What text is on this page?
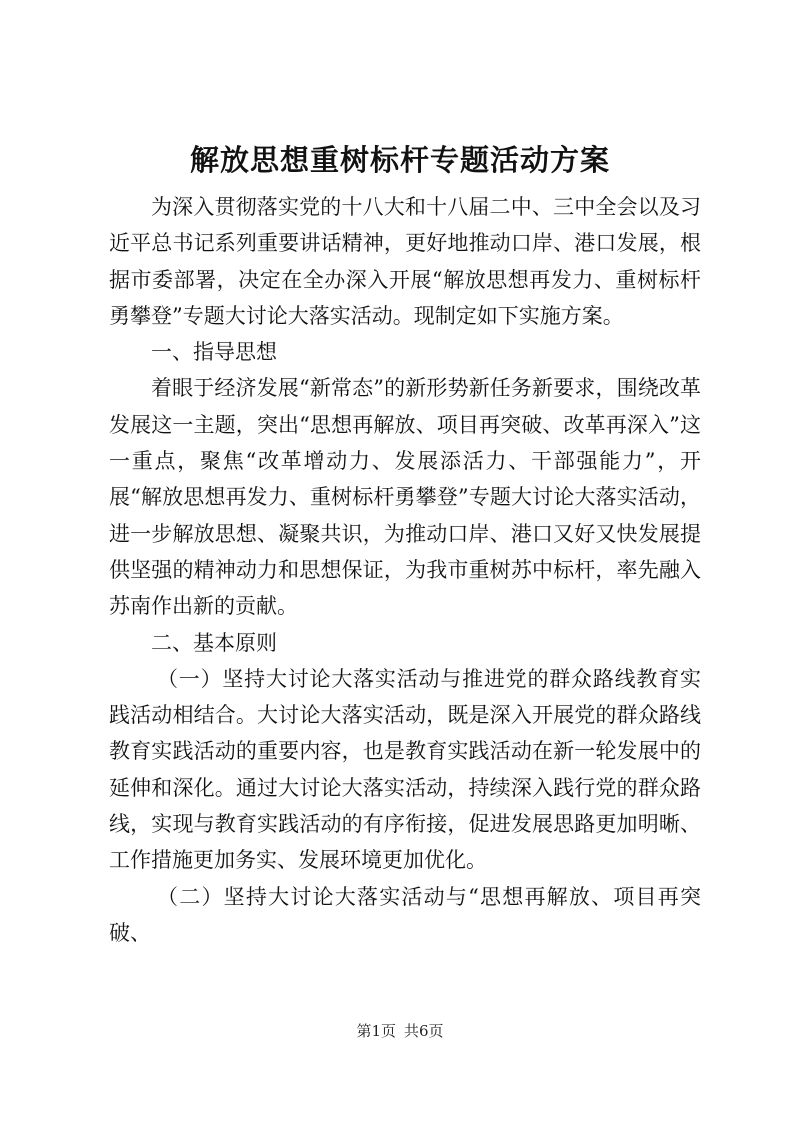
解放思想重树标杆专题活动方案

为深入贯彻落实党的十八大和十八届二中、三中全会以及习近平总书记系列重要讲话精神，更好地推动口岸、港口发展，根据市委部署，决定在全办深入开展“解放思想再发力、重树标杆勇攀登”专题大讨论大落实活动。现制定如下实施方案。

一、指导思想

着眼于经济发展“新常态”的新形势新任务新要求，围绕改革发展这一主题，突出“思想再解放、项目再突破、改革再深入”这一重点，聚焦“改革增动力、发展添活力、干部强能力”，开展“解放思想再发力、重树标杆勇攀登”专题大讨论大落实活动，进一步解放思想、凝聚共识，为推动口岸、港口又好又快发展提供坚强的精神动力和思想保证，为我市重树苏中标杆，率先融入苏南作出新的贡献。

二、基本原则

（一）坚持大讨论大落实活动与推进党的群众路线教育实践活动相结合。大讨论大落实活动，既是深入开展党的群众路线教育实践活动的重要内容，也是教育实践活动在新一轮发展中的延伸和深化。通过大讨论大落实活动，持续深入践行党的群众路线，实现与教育实践活动的有序衔接，促进发展思路更加明晰、工作措施更加务实、发展环境更加优化。

（二）坚持大讨论大落实活动与“思想再解放、项目再突破、

第1页 共6页
